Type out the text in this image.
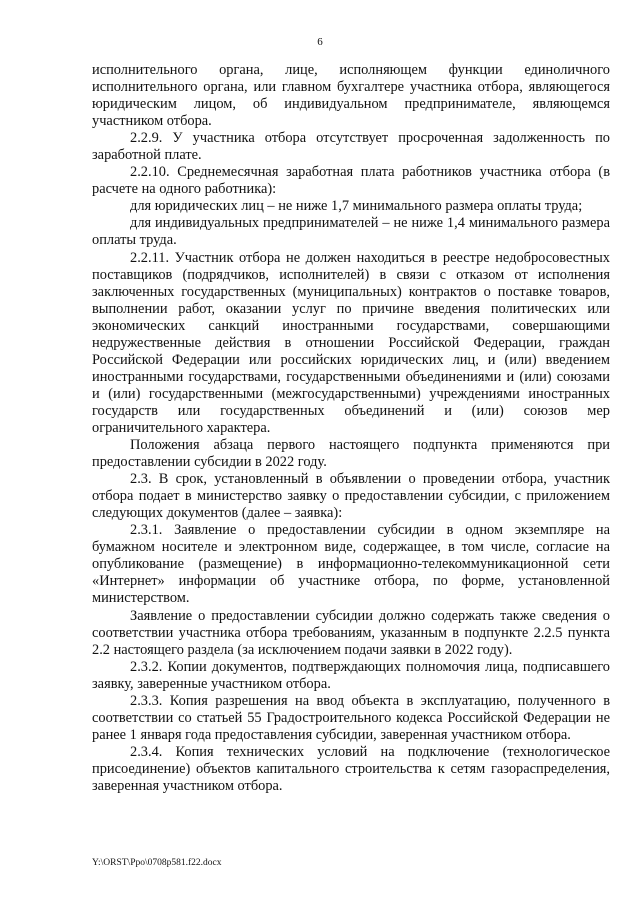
6

исполнительного органа, лице, исполняющем функции единоличного исполнительного органа, или главном бухгалтере участника отбора, являющегося юридическим лицом, об индивидуальном предпринимателе, являющемся участником отбора.

2.2.9. У участника отбора отсутствует просроченная задолженность по заработной плате.

2.2.10. Среднемесячная заработная плата работников участника отбора (в расчете на одного работника):

для юридических лиц – не ниже 1,7 минимального размера оплаты труда;

для индивидуальных предпринимателей – не ниже 1,4 минимального размера оплаты труда.

2.2.11. Участник отбора не должен находиться в реестре недобросовестных поставщиков (подрядчиков, исполнителей) в связи с отказом от исполнения заключенных государственных (муниципальных) контрактов о поставке товаров, выполнении работ, оказании услуг по причине введения политических или экономических санкций иностранными государствами, совершающими недружественные действия в отношении Российской Федерации, граждан Российской Федерации или российских юридических лиц, и (или) введением иностранными государствами, государственными объединениями и (или) союзами и (или) государственными (межгосударственными) учреждениями иностранных государств или государственных объединений и (или) союзов мер ограничительного характера.

Положения абзаца первого настоящего подпункта применяются при предоставлении субсидии в 2022 году.

2.3. В срок, установленный в объявлении о проведении отбора, участник отбора подает в министерство заявку о предоставлении субсидии, с приложением следующих документов (далее – заявка):

2.3.1. Заявление о предоставлении субсидии в одном экземпляре на бумажном носителе и электронном виде, содержащее, в том числе, согласие на опубликование (размещение) в информационно-телекоммуникационной сети «Интернет» информации об участнике отбора, по форме, установленной министерством.

Заявление о предоставлении субсидии должно содержать также сведения о соответствии участника отбора требованиям, указанным в подпункте 2.2.5 пункта 2.2 настоящего раздела (за исключением подачи заявки в 2022 году).

2.3.2. Копии документов, подтверждающих полномочия лица, подписавшего заявку, заверенные участником отбора.

2.3.3. Копия разрешения на ввод объекта в эксплуатацию, полученного в соответствии со статьей 55 Градостроительного кодекса Российской Федерации не ранее 1 января года предоставления субсидии, заверенная участником отбора.

2.3.4. Копия технических условий на подключение (технологическое присоединение) объектов капитального строительства к сетям газораспределения, заверенная участником отбора.

Y:\ORST\Ppo\0708p581.f22.docx
